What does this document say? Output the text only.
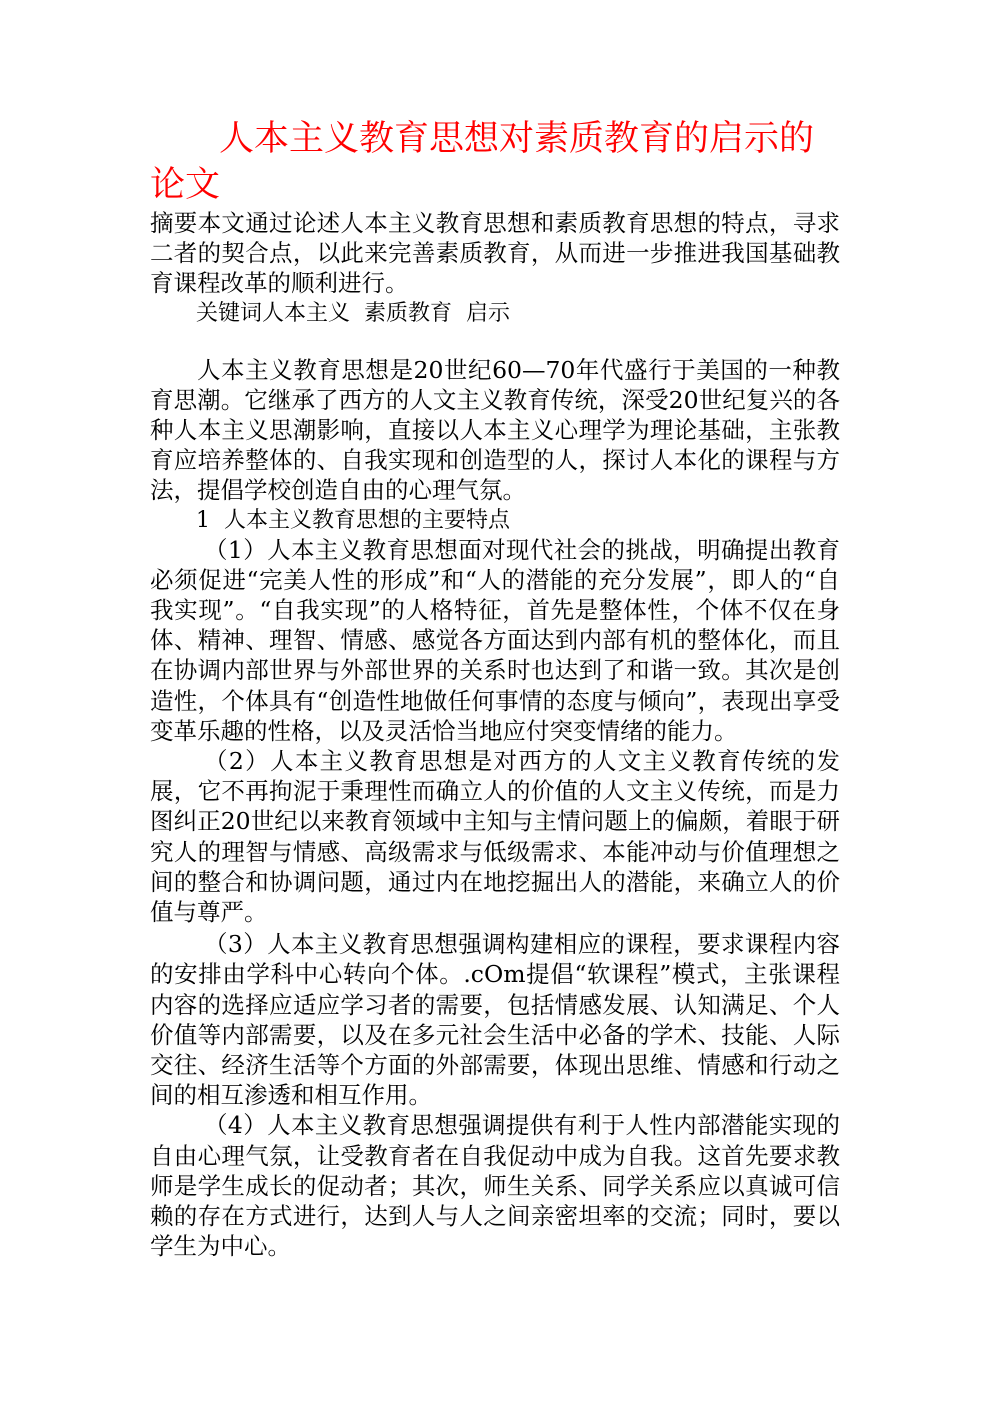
人本主义教育思想对素质教育的启示的论文

摘要本文通过论述人本主义教育思想和素质教育思想的特点，寻求二者的契合点，以此来完善素质教育，从而进一步推进我国基础教育课程改革的顺利进行。

关键词人本主义  素质教育  启示

人本主义教育思想是20世纪60—70年代盛行于美国的一种教育思潮。它继承了西方的人文主义教育传统，深受20世纪复兴的各种人本主义思潮影响，直接以人本主义心理学为理论基础，主张教育应培养整体的、自我实现和创造型的人，探讨人本化的课程与方法，提倡学校创造自由的心理气氛。

1  人本主义教育思想的主要特点

（1）人本主义教育思想面对现代社会的挑战，明确提出教育必须促进“完美人性的形成”和“人的潜能的充分发展”，即人的“自我实现”。“自我实现”的人格特征，首先是整体性，个体不仅在身体、精神、理智、情感、感觉各方面达到内部有机的整体化，而且在协调内部世界与外部世界的关系时也达到了和谐一致。其次是创造性，个体具有“创造性地做任何事情的态度与倾向”，表现出享受变革乐趣的性格，以及灵活恰当地应付突变情绪的能力。

（2）人本主义教育思想是对西方的人文主义教育传统的发展，它不再拘泥于秉理性而确立人的价值的人文主义传统，而是力图纠正20世纪以来教育领域中主知与主情问题上的偏颇，着眼于研究人的理智与情感、高级需求与低级需求、本能冲动与价值理想之间的整合和协调问题，通过内在地挖掘出人的潜能，来确立人的价值与尊严。

（3）人本主义教育思想强调构建相应的课程，要求课程内容的安排由学科中心转向个体。.cOm提倡“软课程”模式，主张课程内容的选择应适应学习者的需要，包括情感发展、认知满足、个人价值等内部需要，以及在多元社会生活中必备的学术、技能、人际交往、经济生活等个方面的外部需要，体现出思维、情感和行动之间的相互渗透和相互作用。

（4）人本主义教育思想强调提供有利于人性内部潜能实现的自由心理气氛，让受教育者在自我促动中成为自我。这首先要求教师是学生成长的促动者；其次，师生关系、同学关系应以真诚可信赖的存在方式进行，达到人与人之间亲密坦率的交流；同时，要以学生为中心。
